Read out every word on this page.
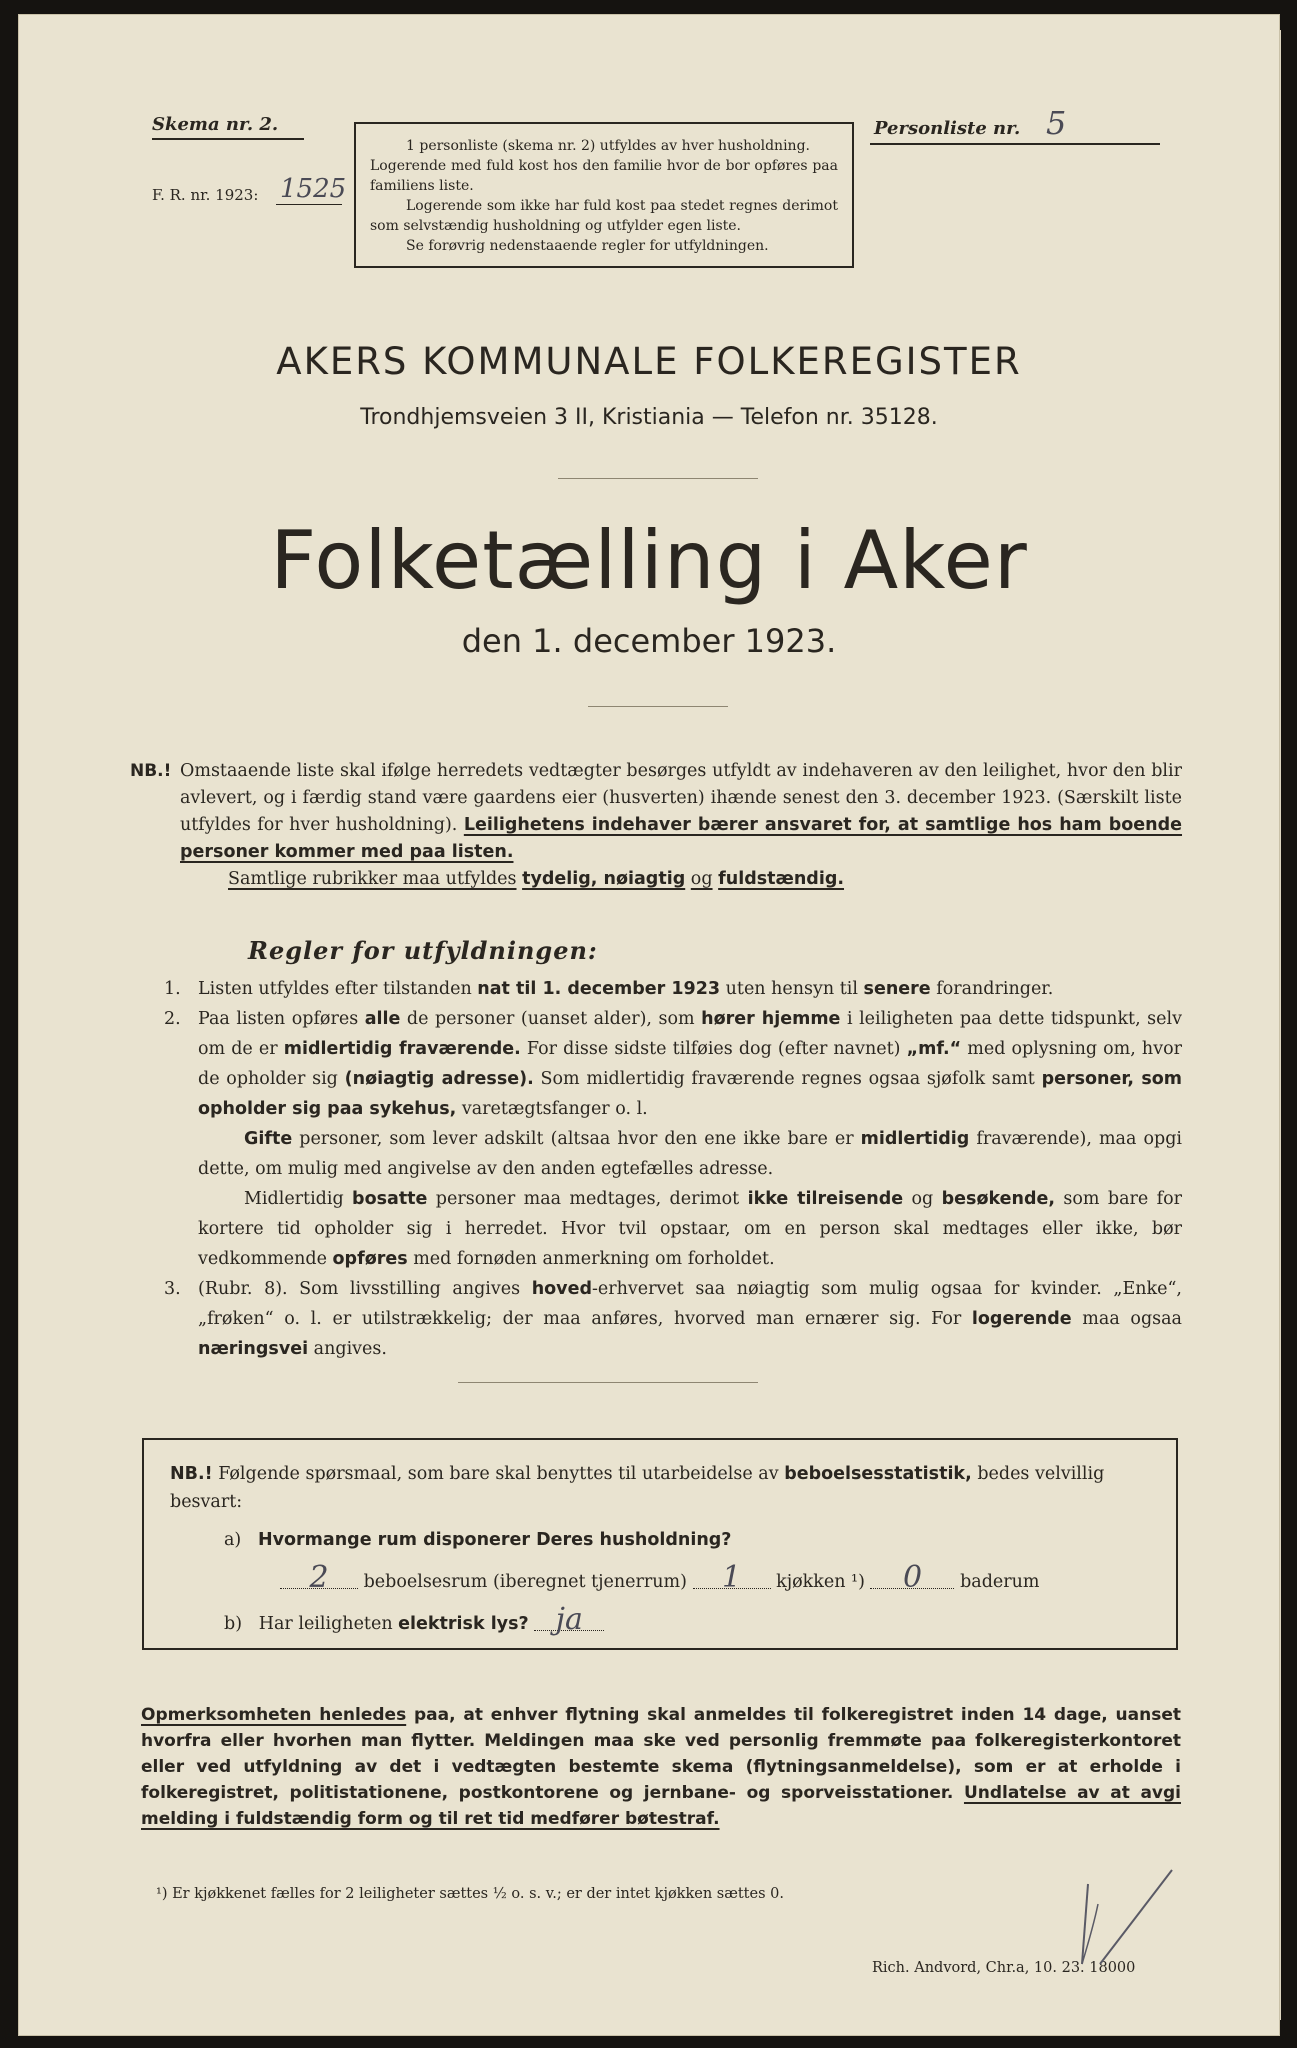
Skema nr. 2.
F. R. nr. 1923: 1525

1 personliste (skema nr. 2) utfyldes av hver husholdning.

Logerende med fuld kost hos den familie hvor de bor opføres paa familiens liste.

Logerende som ikke har fuld kost paa stedet regnes derimot som selvstændig husholdning og utfylder egen liste.

Se forøvrig nedenstaaende regler for utfyldningen.

Personliste nr. 5
AKERS KOMMUNALE FOLKEREGISTER
Trondhjemsveien 3 II, Kristiania — Telefon nr. 35128.
Folketælling i Aker
den 1. december 1923.
NB.! Omstaaende liste skal ifølge herredets vedtægter besørges utfyldt av indehaveren av den leilighet, hvor den blir avlevert, og i færdig stand være gaardens eier (husverten) ihænde senest den 3. december 1923. (Særskilt liste utfyldes for hver husholdning). Leilighetens indehaver bærer ansvaret for, at samtlige hos ham boende personer kommer med paa listen.
Samtlige rubrikker maa utfyldes tydelig, nøiagtig og fuldstændig.
Regler for utfyldningen:
1. Listen utfyldes efter tilstanden nat til 1. december 1923 uten hensyn til senere forandringer.

2. Paa listen opføres alle de personer (uanset alder), som hører hjemme i leiligheten paa dette tidspunkt, selv om de er midlertidig fraværende. For disse sidste tilføies dog (efter navnet) „mf.“ med oplysning om, hvor de opholder sig (nøiagtig adresse). Som midlertidig fraværende regnes ogsaa sjøfolk samt personer, som opholder sig paa sykehus, varetægtsfanger o. l.

Gifte personer, som lever adskilt (altsaa hvor den ene ikke bare er midlertidig fraværende), maa opgi dette, om mulig med angivelse av den anden egtefælles adresse.

Midlertidig bosatte personer maa medtages, derimot ikke tilreisende og besøkende, som bare for kortere tid opholder sig i herredet. Hvor tvil opstaar, om en person skal medtages eller ikke, bør vedkommende opføres med fornøden anmerkning om forholdet.

3. (Rubr. 8). Som livsstilling angives hoved-erhvervet saa nøiagtig som mulig ogsaa for kvinder. „Enke“, „frøken“ o. l. er utilstrækkelig; der maa anføres, hvorved man ernærer sig. For logerende maa ogsaa næringsvei angives.

NB.! Følgende spørsmaal, som bare skal benyttes til utarbeidelse av beboelsesstatistik, bedes velvillig besvart:
a) Hvormange rum disponerer Deres husholdning?
2 beboelsesrum (iberegnet tjenerrum) 1 kjøkken ¹) 0 baderum
b) Har leiligheten elektrisk lys? ja
Opmerksomheten henledes paa, at enhver flytning skal anmeldes til folkeregistret inden 14 dage, uanset hvorfra eller hvorhen man flytter. Meldingen maa ske ved personlig fremmøte paa folkeregisterkontoret eller ved utfyldning av det i vedtægten bestemte skema (flytningsanmeldelse), som er at erholde i folkeregistret, politistationene, postkontorene og jernbane- og sporveisstationer. Undlatelse av at avgi melding i fuldstændig form og til ret tid medfører bøtestraf.
¹) Er kjøkkenet fælles for 2 leiligheter sættes ½ o. s. v.; er der intet kjøkken sættes 0.
Rich. Andvord, Chr.a, 10. 23. 18000
